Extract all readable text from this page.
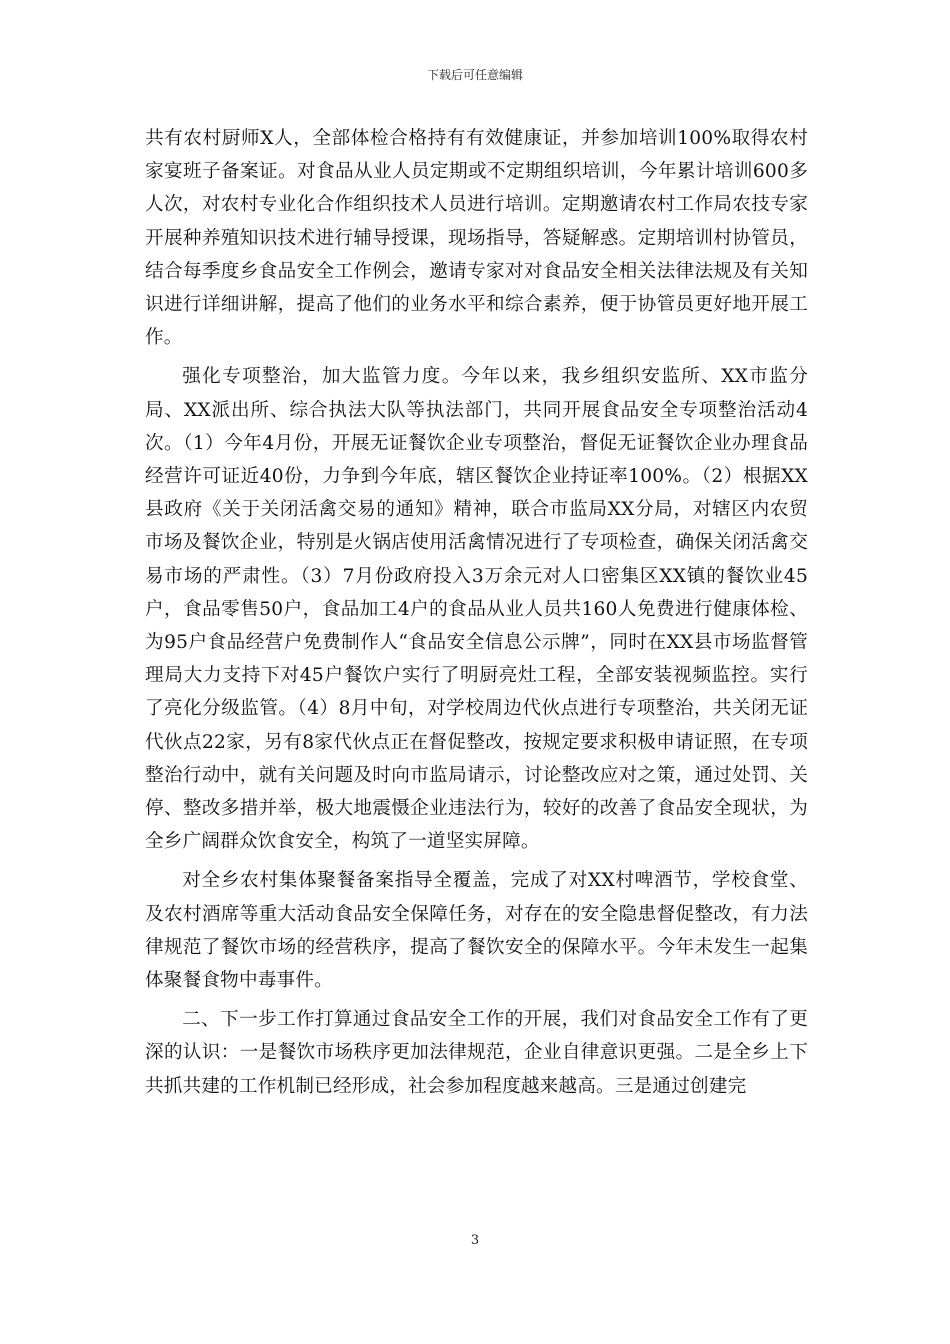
下载后可任意编辑

共有农村厨师X人，全部体检合格持有有效健康证，并参加培训100%取得农村家宴班子备案证。对食品从业人员定期或不定期组织培训，今年累计培训600多人次，对农村专业化合作组织技术人员进行培训。定期邀请农村工作局农技专家开展种养殖知识技术进行辅导授课，现场指导，答疑解惑。定期培训村协管员，结合每季度乡食品安全工作例会，邀请专家对对食品安全相关法律法规及有关知识进行详细讲解，提高了他们的业务水平和综合素养，便于协管员更好地开展工作。

强化专项整治，加大监管力度。今年以来，我乡组织安监所、XX市监分局、XX派出所、综合执法大队等执法部门，共同开展食品安全专项整治活动4次。（1）今年4月份，开展无证餐饮企业专项整治，督促无证餐饮企业办理食品经营许可证近40份，力争到今年底，辖区餐饮企业持证率100%。（2）根据XX县政府《关于关闭活禽交易的通知》精神，联合市监局XX分局，对辖区内农贸市场及餐饮企业，特别是火锅店使用活禽情况进行了专项检查，确保关闭活禽交易市场的严肃性。（3）7月份政府投入3万余元对人口密集区XX镇的餐饮业45户，食品零售50户，食品加工4户的食品从业人员共160人免费进行健康体检、为95户食品经营户免费制作人“食品安全信息公示牌”，同时在XX县市场监督管理局大力支持下对45户餐饮户实行了明厨亮灶工程，全部安装视频监控。实行了亮化分级监管。（4）8月中旬，对学校周边代伙点进行专项整治，共关闭无证代伙点22家，另有8家代伙点正在督促整改，按规定要求积极申请证照，在专项整治行动中，就有关问题及时向市监局请示，讨论整改应对之策，通过处罚、关停、整改多措并举，极大地震慑企业违法行为，较好的改善了食品安全现状，为全乡广阔群众饮食安全，构筑了一道坚实屏障。

对全乡农村集体聚餐备案指导全覆盖，完成了对XX村啤酒节，学校食堂、及农村酒席等重大活动食品安全保障任务，对存在的安全隐患督促整改，有力法律规范了餐饮市场的经营秩序，提高了餐饮安全的保障水平。今年未发生一起集体聚餐食物中毒事件。

二、下一步工作打算通过食品安全工作的开展，我们对食品安全工作有了更深的认识：一是餐饮市场秩序更加法律规范，企业自律意识更强。二是全乡上下共抓共建的工作机制已经形成，社会参加程度越来越高。三是通过创建完

3
